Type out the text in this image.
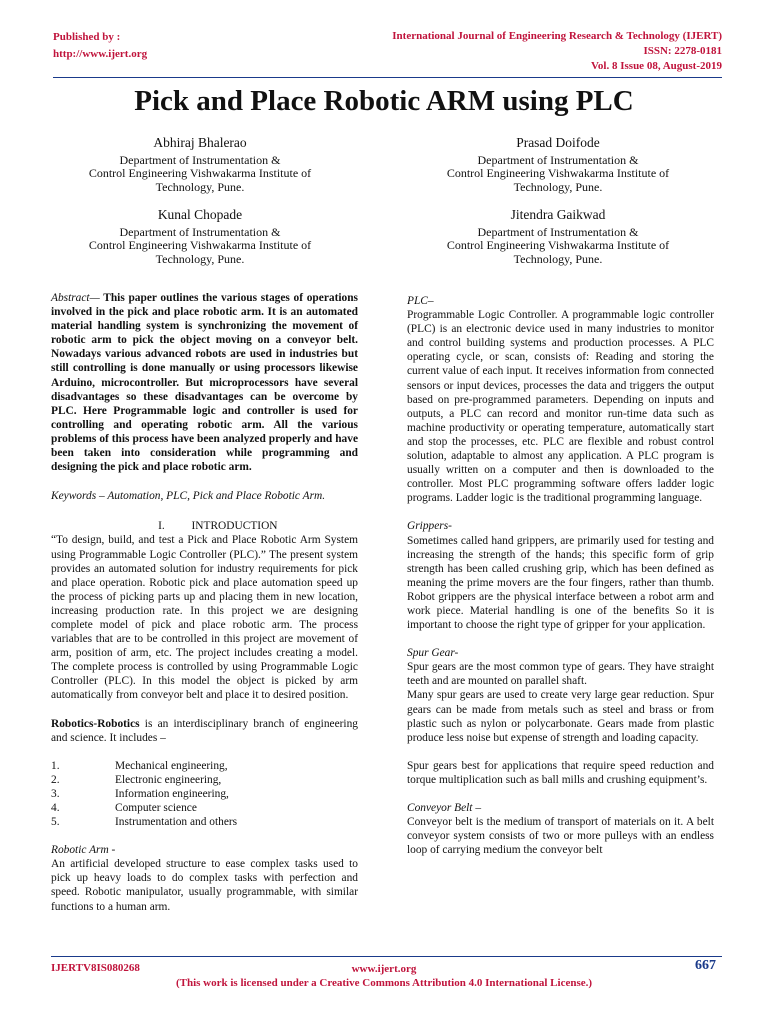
Published by :
http://www.ijert.org
International Journal of Engineering Research & Technology (IJERT)
ISSN: 2278-0181
Vol. 8 Issue 08, August-2019
Pick and Place Robotic ARM using PLC
Abhiraj Bhalerao
Department of Instrumentation &
Control Engineering Vishwakarma Institute of
Technology, Pune.
Prasad Doifode
Department of Instrumentation &
Control Engineering Vishwakarma Institute of
Technology, Pune.
Kunal Chopade
Department of Instrumentation &
Control Engineering Vishwakarma Institute of
Technology, Pune.
Jitendra Gaikwad
Department of Instrumentation &
Control Engineering Vishwakarma Institute of
Technology, Pune.

Abstract— This paper outlines the various stages of operations involved in the pick and place robotic arm. It is an automated material handling system is synchronizing the movement of robotic arm to pick the object moving on a conveyor belt. Nowadays various advanced robots are used in industries but still controlling is done manually or using processors likewise Arduino, microcontroller. But microprocessors have several disadvantages so these disadvantages can be overcome by PLC. Here Programmable logic and controller is used for controlling and operating robotic arm. All the various problems of this process have been analyzed properly and have been taken into consideration while programming and designing the pick and place robotic arm.

Keywords – Automation, PLC, Pick and Place Robotic Arm.

I. INTRODUCTION

“To design, build, and test a Pick and Place Robotic Arm System using Programmable Logic Controller (PLC).” The present system provides an automated solution for industry requirements for pick and place operation. Robotic pick and place automation speed up the process of picking parts up and placing them in new location, increasing production rate. In this project we are designing complete model of pick and place robotic arm. The process variables that are to be controlled in this project are movement of arm, position of arm, etc. The project includes creating a model. The complete process is controlled by using Programmable Logic Controller (PLC). In this model the object is picked by arm automatically from conveyor belt and place it to desired position.

Robotics-Robotics is an interdisciplinary branch of engineering and science. It includes –

1.	Mechanical engineering,
2.	Electronic engineering,
3.	Information engineering,
4.	Computer science
5.	Instrumentation and others

Robotic Arm -

An artificial developed structure to ease complex tasks used to pick up heavy loads to do complex tasks with perfection and speed. Robotic manipulator, usually programmable, with similar functions to a human arm.

PLC–

Programmable Logic Controller. A programmable logic controller (PLC) is an electronic device used in many industries to monitor and control building systems and production processes. A PLC operating cycle, or scan, consists of: Reading and storing the current value of each input. It receives information from connected sensors or input devices, processes the data and triggers the output based on pre-programmed parameters. Depending on inputs and outputs, a PLC can record and monitor run-time data such as machine productivity or operating temperature, automatically start and stop the processes, etc. PLC are flexible and robust control solution, adaptable to almost any application. A PLC program is usually written on a computer and then is downloaded to the controller. Most PLC programming software offers ladder logic programs. Ladder logic is the traditional programming language.

Grippers-

Sometimes called hand grippers, are primarily used for testing and increasing the strength of the hands; this specific form of grip strength has been called crushing grip, which has been defined as meaning the prime movers are the four fingers, rather than thumb. Robot grippers are the physical interface between a robot arm and work piece. Material handling is one of the benefits So it is important to choose the right type of gripper for your application.

Spur Gear-

Spur gears are the most common type of gears. They have straight teeth and are mounted on parallel shaft.

Many spur gears are used to create very large gear reduction. Spur gears can be made from metals such as steel and brass or from plastic such as nylon or polycarbonate. Gears made from plastic produce less noise but expense of strength and loading capacity.

Spur gears best for applications that require speed reduction and torque multiplication such as ball mills and crushing equipment’s.

Conveyor Belt –

Conveyor belt is the medium of transport of materials on it. A belt conveyor system consists of two or more pulleys with an endless loop of carrying medium the conveyor belt

IJERTV8IS080268	www.ijert.org
(This work is licensed under a Creative Commons Attribution 4.0 International License.)
667
